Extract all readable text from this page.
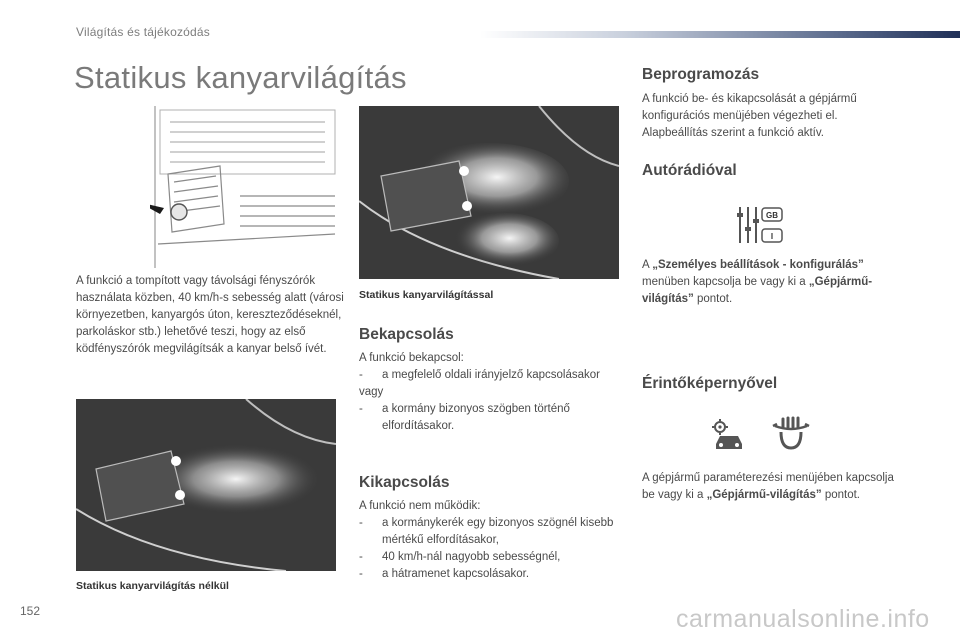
Világítás és tájékozódás
Statikus kanyarvilágítás
A funkció a tompított vagy távolsági fényszórók használata közben, 40 km/h-s sebesség alatt (városi környezetben, kanyargós úton, kereszteződéseknél, parkoláskor stb.) lehetővé teszi, hogy az első ködfényszórók megvilágítsák a kanyar belső ívét.
Statikus kanyarvilágítással
Statikus kanyarvilágítás nélkül
Bekapcsolás
A funkció bekapcsol:
- a megfelelő oldali irányjelző kapcsolásakor
vagy
- a kormány bizonyos szögben történő elfordításakor.
Kikapcsolás
A funkció nem működik:
- a kormánykerék egy bizonyos szögnél kisebb mértékű elfordításakor,
- 40 km/h-nál nagyobb sebességnél,
- a hátramenet kapcsolásakor.
Beprogramozás
A funkció be- és kikapcsolását a gépjármű konfigurációs menüjében végezheti el. Alapbeállítás szerint a funkció aktív.
Autórádióval
GB
I
A „Személyes beállítások - konfigurálás” menüben kapcsolja be vagy ki a „Gépjármű-világítás” pontot.
Érintőképernyővel
A gépjármű paraméterezési menüjében kapcsolja be vagy ki a „Gépjármű-világítás” pontot.
152	carmanualsonline.info
